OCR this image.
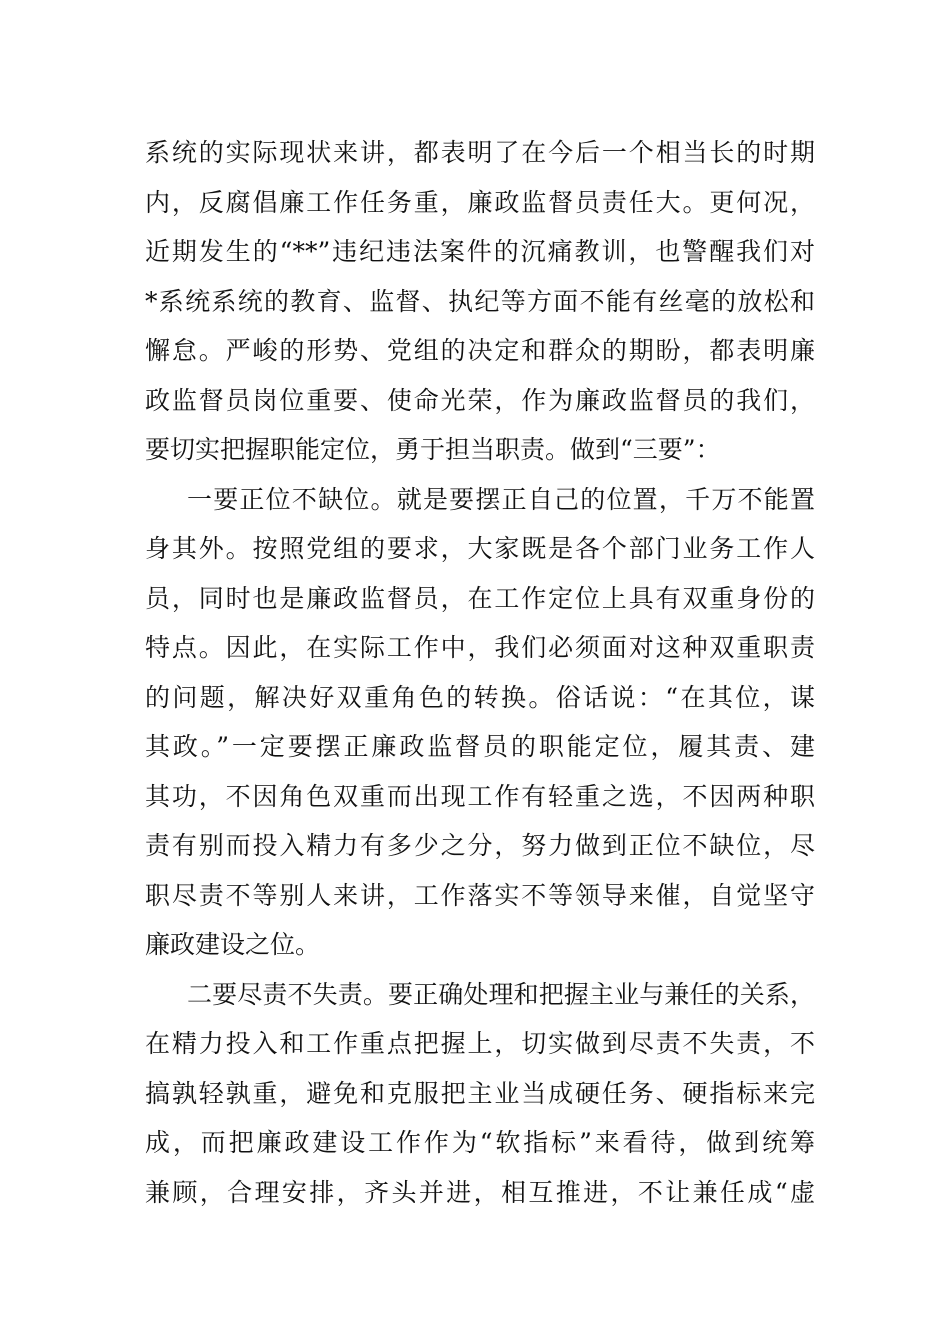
系统的实际现状来讲，都表明了在今后一个相当长的时期
内，反腐倡廉工作任务重，廉政监督员责任大。更何况，
近期发生的“**”违纪违法案件的沉痛教训，也警醒我们对
*系统系统的教育、监督、执纪等方面不能有丝毫的放松和
懈怠。严峻的形势、党组的决定和群众的期盼，都表明廉
政监督员岗位重要、使命光荣，作为廉政监督员的我们，
要切实把握职能定位，勇于担当职责。做到“三要”：
一要正位不缺位。就是要摆正自己的位置，千万不能置
身其外。按照党组的要求，大家既是各个部门业务工作人
员，同时也是廉政监督员，在工作定位上具有双重身份的
特点。因此，在实际工作中，我们必须面对这种双重职责
的问题，解决好双重角色的转换。俗话说：“在其位，谋
其政。”一定要摆正廉政监督员的职能定位，履其责、建
其功，不因角色双重而出现工作有轻重之选，不因两种职
责有别而投入精力有多少之分，努力做到正位不缺位，尽
职尽责不等别人来讲，工作落实不等领导来催，自觉坚守
廉政建设之位。
二要尽责不失责。要正确处理和把握主业与兼任的关系，
在精力投入和工作重点把握上，切实做到尽责不失责，不
搞孰轻孰重，避免和克服把主业当成硬任务、硬指标来完
成，而把廉政建设工作作为“软指标”来看待，做到统筹
兼顾，合理安排，齐头并进，相互推进，不让兼任成“虚
